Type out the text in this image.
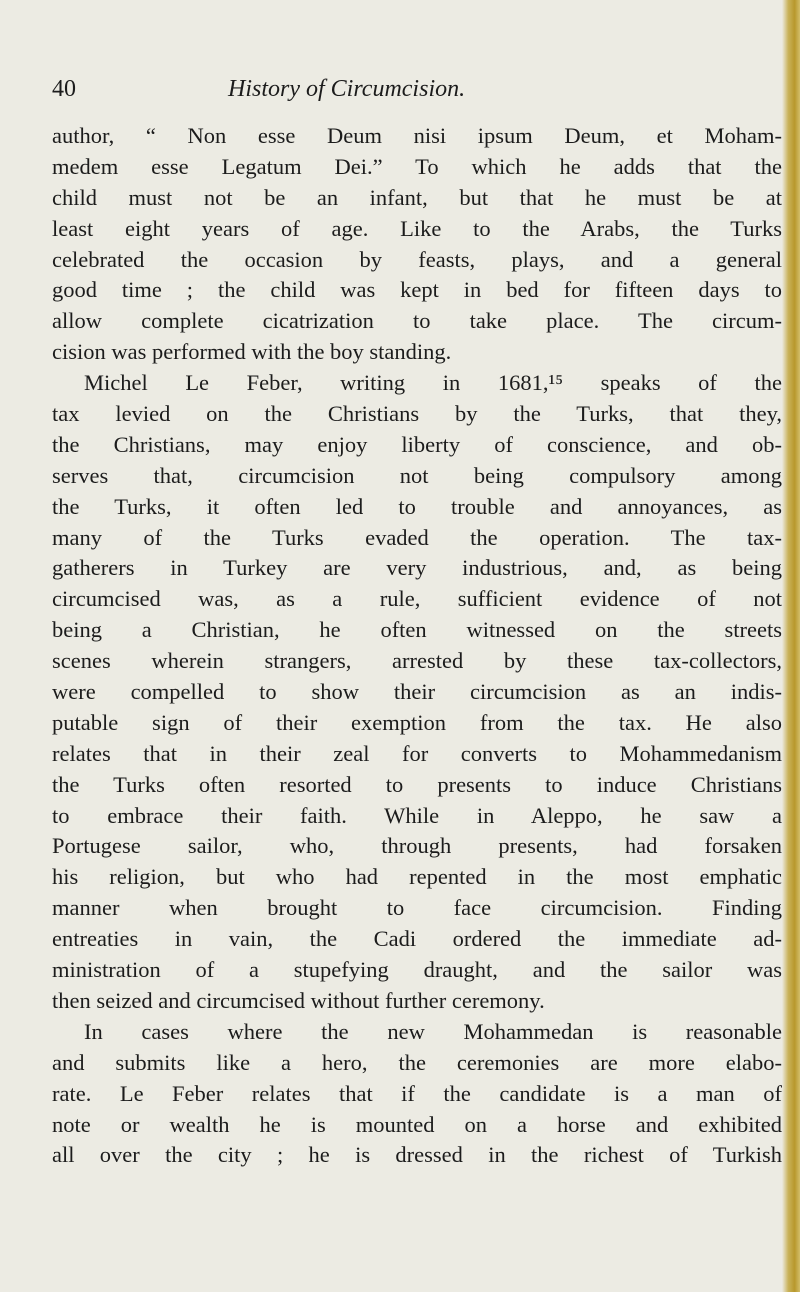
40	History of Circumcision.
author, “ Non esse Deum nisi ipsum Deum, et Moham-
medem esse Legatum Dei.” To which he adds that the
child must not be an infant, but that he must be at
least eight years of age. Like to the Arabs, the Turks
celebrated the occasion by feasts, plays, and a general
good time ; the child was kept in bed for fifteen days to
allow complete cicatrization to take place. The circum-
cision was performed with the boy standing.
Michel Le Feber, writing in 1681,¹⁵ speaks of the
tax levied on the Christians by the Turks, that they,
the Christians, may enjoy liberty of conscience, and ob-
serves that, circumcision not being compulsory among
the Turks, it often led to trouble and annoyances, as
many of the Turks evaded the operation. The tax-
gatherers in Turkey are very industrious, and, as being
circumcised was, as a rule, sufficient evidence of not
being a Christian, he often witnessed on the streets
scenes wherein strangers, arrested by these tax-collectors,
were compelled to show their circumcision as an indis-
putable sign of their exemption from the tax. He also
relates that in their zeal for converts to Mohammedanism
the Turks often resorted to presents to induce Christians
to embrace their faith. While in Aleppo, he saw a
Portugese sailor, who, through presents, had forsaken
his religion, but who had repented in the most emphatic
manner when brought to face circumcision. Finding
entreaties in vain, the Cadi ordered the immediate ad-
ministration of a stupefying draught, and the sailor was
then seized and circumcised without further ceremony.
In cases where the new Mohammedan is reasonable
and submits like a hero, the ceremonies are more elabo-
rate. Le Feber relates that if the candidate is a man of
note or wealth he is mounted on a horse and exhibited
all over the city ; he is dressed in the richest of Turkish
